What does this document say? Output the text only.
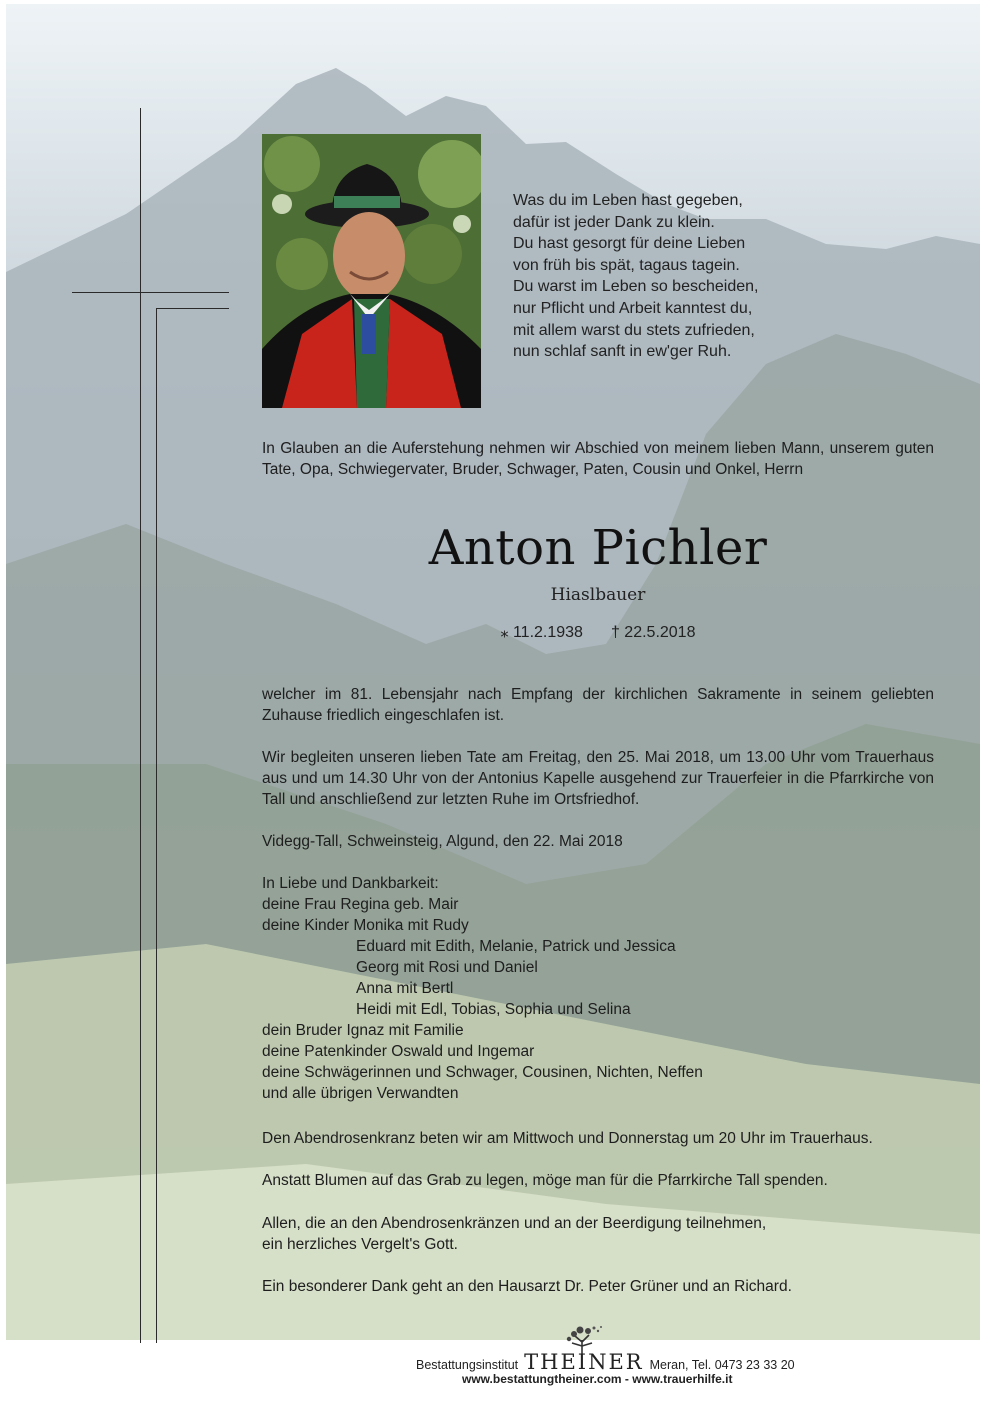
Was du im Leben hast gegeben,
dafür ist jeder Dank zu klein.
Du hast gesorgt für deine Lieben
von früh bis spät, tagaus tagein.
Du warst im Leben so bescheiden,
nur Pflicht und Arbeit kanntest du,
mit allem warst du stets zufrieden,
nun schlaf sanft in ew'ger Ruh.
In Glauben an die Auferstehung nehmen wir Abschied von meinem lieben Mann, unserem guten Tate, Opa, Schwiegervater, Bruder, Schwager, Paten, Cousin und Onkel, Herrn
Anton Pichler
Hiaslbauer
⁎ 11.2.1938 † 22.5.2018
welcher im 81. Lebensjahr nach Empfang der kirchlichen Sakramente in seinem geliebten Zuhause friedlich eingeschlafen ist.
Wir begleiten unseren lieben Tate am Freitag, den 25. Mai 2018, um 13.00 Uhr vom Trauerhaus aus und um 14.30 Uhr von der Antonius Kapelle ausgehend zur Trauerfeier in die Pfarrkirche von Tall und anschließend zur letzten Ruhe im Ortsfriedhof.
Videgg-Tall, Schweinsteig, Algund, den 22. Mai 2018
In Liebe und Dankbarkeit:
deine Frau Regina geb. Mair
deine Kinder Monika mit Rudy
Eduard mit Edith, Melanie, Patrick und Jessica
Georg mit Rosi und Daniel
Anna mit Bertl
Heidi mit Edl, Tobias, Sophia und Selina
dein Bruder Ignaz mit Familie
deine Patenkinder Oswald und Ingemar
deine Schwägerinnen und Schwager, Cousinen, Nichten, Neffen
und alle übrigen Verwandten
Den Abendrosenkranz beten wir am Mittwoch und Donnerstag um 20 Uhr im Trauerhaus.
Anstatt Blumen auf das Grab zu legen, möge man für die Pfarrkirche Tall spenden.
Allen, die an den Abendrosenkränzen und an der Beerdigung teilnehmen,
ein herzliches Vergelt's Gott.
Ein besonderer Dank geht an den Hausarzt Dr. Peter Grüner und an Richard.
Bestattungsinstitut THEINER Meran, Tel. 0473 23 33 20
www.bestattungtheiner.com - www.trauerhilfe.it
